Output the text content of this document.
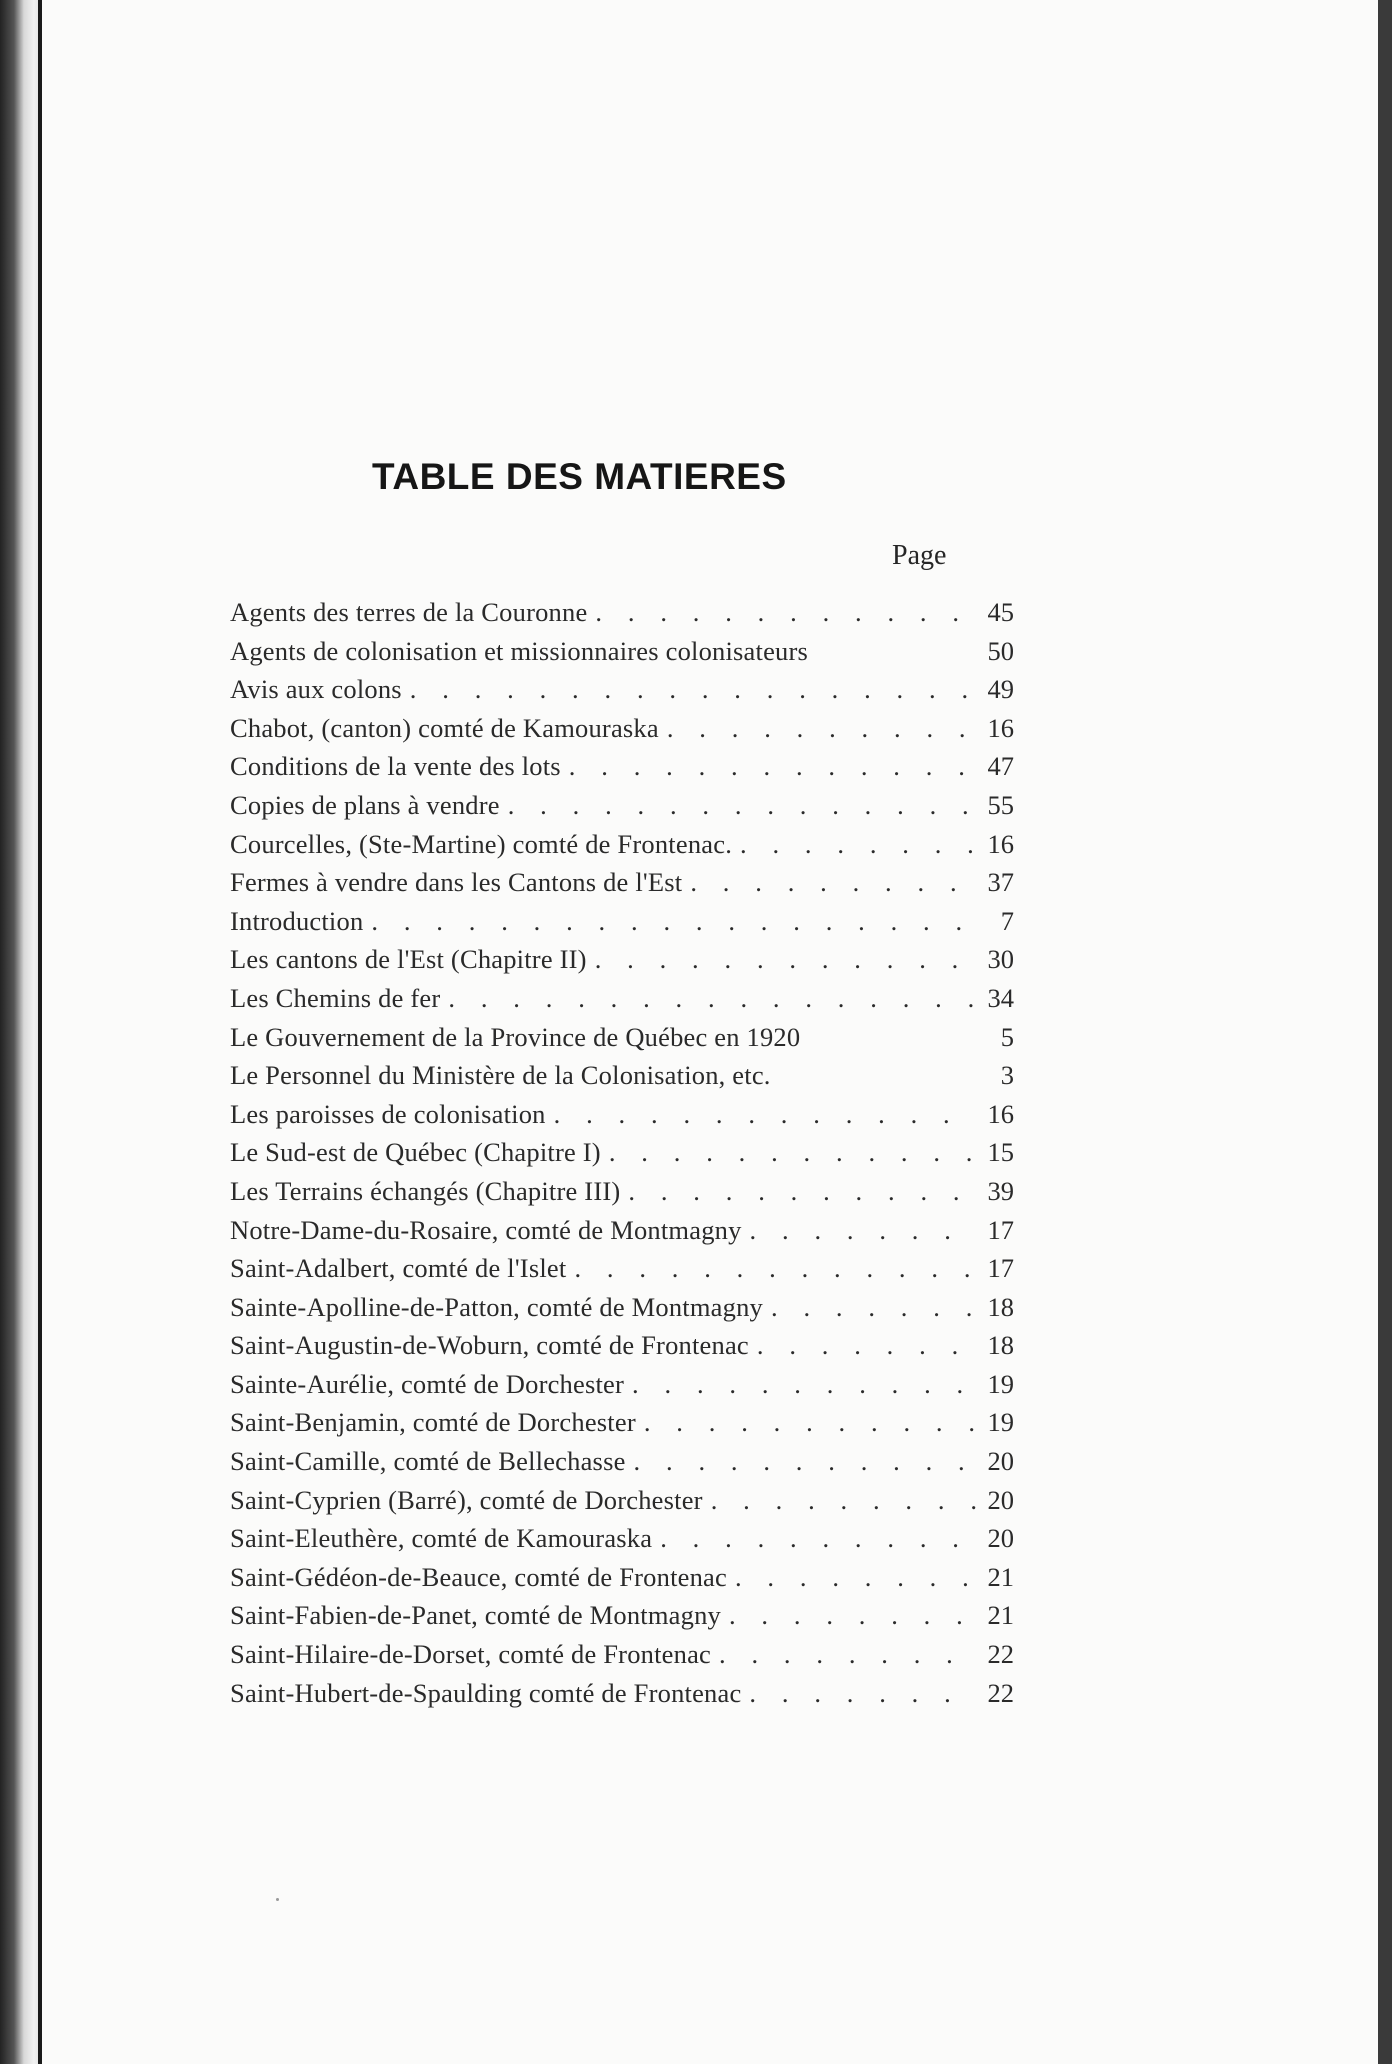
TABLE DES MATIERES
Page
Agents des terres de la Couronne . . .	45
Agents de colonisation et missionnaires colonisateurs	50
Avis aux colons . . .	49
Chabot, (canton) comté de Kamouraska . . .	16
Conditions de la vente des lots . . .	47
Copies de plans à vendre . . .	55
Courcelles, (Ste-Martine) comté de Frontenac. . . .	16
Fermes à vendre dans les Cantons de l'Est . . .	37
Introduction . . .	7
Les cantons de l'Est (Chapitre II) . . .	30
Les Chemins de fer . . .	34
Le Gouvernement de la Province de Québec en 1920	5
Le Personnel du Ministère de la Colonisation, etc.	3
Les paroisses de colonisation . . .	16
Le Sud-est de Québec (Chapitre I) . . .	15
Les Terrains échangés (Chapitre III) . . .	39
Notre-Dame-du-Rosaire, comté de Montmagny . . .	17
Saint-Adalbert, comté de l'Islet . . .	17
Sainte-Apolline-de-Patton, comté de Montmagny . . .	18
Saint-Augustin-de-Woburn, comté de Frontenac . . .	18
Sainte-Aurélie, comté de Dorchester . . .	19
Saint-Benjamin, comté de Dorchester . . .	19
Saint-Camille, comté de Bellechasse . . .	20
Saint-Cyprien (Barré), comté de Dorchester . . .	20
Saint-Eleuthère, comté de Kamouraska . . .	20
Saint-Gédéon-de-Beauce, comté de Frontenac . . .	21
Saint-Fabien-de-Panet, comté de Montmagny . . .	21
Saint-Hilaire-de-Dorset, comté de Frontenac . . .	22
Saint-Hubert-de-Spaulding comté de Frontenac . . .	22
